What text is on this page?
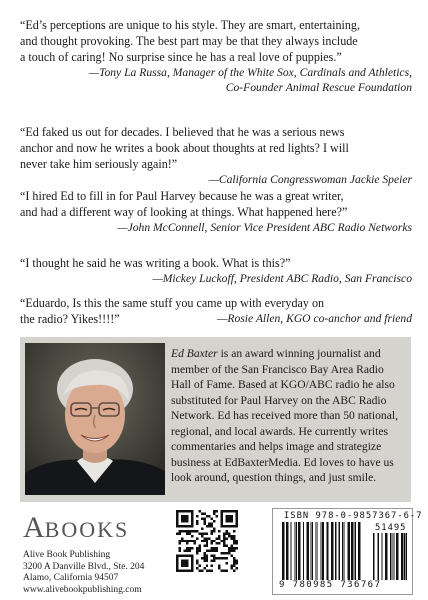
“Ed’s perceptions are unique to his style. They are smart, entertaining,
and thought provoking. The best part may be that they always include
a touch of caring! No surprise since he has a real love of puppies.”

—Tony La Russa, Manager of the White Sox, Cardinals and Athletics,
Co-Founder Animal Rescue Foundation

“Ed faked us out for decades. I believed that he was a serious news
anchor and now he writes a book about thoughts at red lights? I will
never take him seriously again!”

—California Congresswoman Jackie Speier

“I hired Ed to fill in for Paul Harvey because he was a great writer,
and had a different way of looking at things. What happened here?”

—John McConnell, Senior Vice President ABC Radio Networks

“I thought he said he was writing a book. What is this?”

—Mickey Luckoff, President ABC Radio, San Francisco

“Eduardo, Is this the same stuff you came up with everyday on
the radio? Yikes!!!!”	—Rosie Allen, KGO co-anchor and friend

Ed Baxter is an award winning journalist and
member of the San Francisco Bay Area Radio
Hall of Fame. Based at KGO/ABC radio he also
substituted for Paul Harvey on the ABC Radio
Network. Ed has received more than 50 national,
regional, and local awards. He currently writes
commentaries and helps image and strategize
business at EdBaxterMedia. Ed loves to have us
look around, question things, and just smile.

ABOOKS
Alive Book Publishing
3200 A Danville Blvd., Ste. 204
Alamo, California 94507
www.alivebookpublishing.com
ISBN 978-0-9857367-6-7
51495
9 780985 736767
